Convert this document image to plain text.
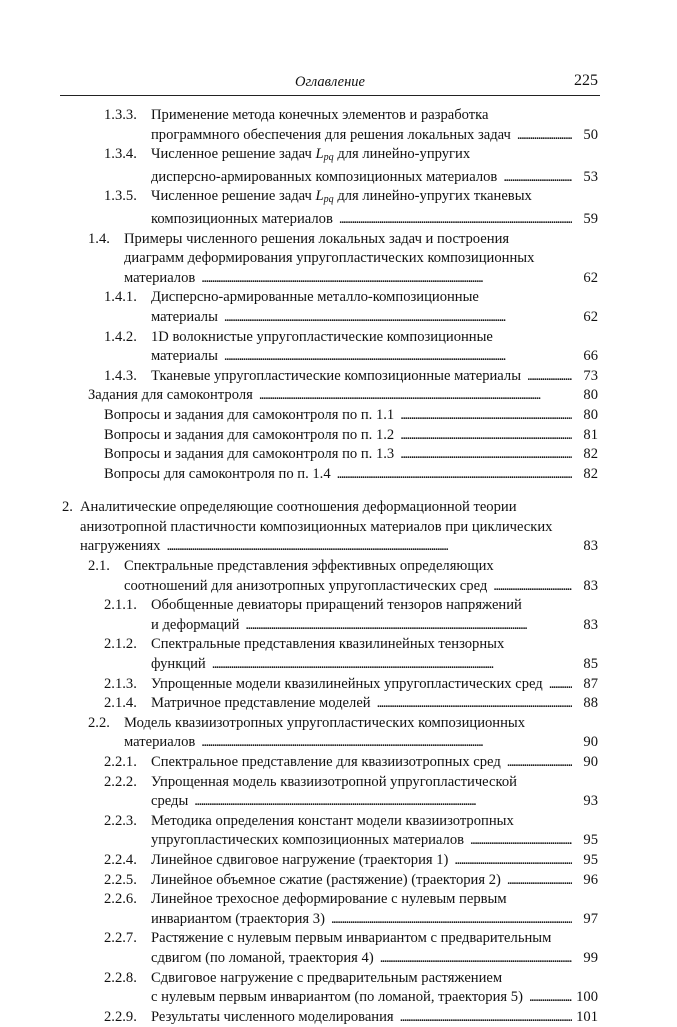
Оглавление	225
1.3.3. Применение метода конечных элементов и разработка
программного обеспечения для решения локальных задач . . .	50
1.3.4. Численное решение задач $L_{pq}$ для линейно-упругих
дисперсно-армированных композиционных материалов . . .	53
1.3.5. Численное решение задач $L_{pq}$ для линейно-упругих тканевых
композиционных материалов . . .	59
1.4. Примеры численного решения локальных задач и построения
диаграмм деформирования упругопластических композиционных
материалов . . .	62
1.4.1. Дисперсно-армированные металло-композиционные
материалы . . .	62
1.4.2. 1D волокнистые упругопластические композиционные
материалы . . .	66
1.4.3. Тканевые упругопластические композиционные материалы . . .	73
Задания для самоконтроля . . .	80
Вопросы и задания для самоконтроля по п. 1.1 . . .	80
Вопросы и задания для самоконтроля по п. 1.2 . . .	81
Вопросы и задания для самоконтроля по п. 1.3 . . .	82
Вопросы для самоконтроля по п. 1.4 . . .	82
2. Аналитические определяющие соотношения деформационной теории
анизотропной пластичности композиционных материалов при циклических
нагружениях . . .	83
2.1. Спектральные представления эффективных определяющих
соотношений для анизотропных упругопластических сред . . .	83
2.1.1. Обобщенные девиаторы приращений тензоров напряжений
и деформаций . . .	83
2.1.2. Спектральные представления квазилинейных тензорных
функций . . .	85
2.1.3. Упрощенные модели квазилинейных упругопластических сред . . .	87
2.1.4. Матричное представление моделей . . .	88
2.2. Модель квазиизотропных упругопластических композиционных
материалов . . .	90
2.2.1. Спектральное представление для квазиизотропных сред . . .	90
2.2.2. Упрощенная модель квазиизотропной упругопластической
среды . . .	93
2.2.3. Методика определения констант модели квазиизотропных
упругопластических композиционных материалов . . .	95
2.2.4. Линейное сдвиговое нагружение (траектория 1) . . .	95
2.2.5. Линейное объемное сжатие (растяжение) (траектория 2) . . .	96
2.2.6. Линейное трехосное деформирование с нулевым первым
инвариантом (траектория 3) . . .	97
2.2.7. Растяжение с нулевым первым инвариантом с предварительным
сдвигом (по ломаной, траектория 4) . . .	99
2.2.8. Сдвиговое нагружение с предварительным растяжением
с нулевым первым инвариантом (по ломаной, траектория 5) . . .	100
2.2.9. Результаты численного моделирования . . .	101
